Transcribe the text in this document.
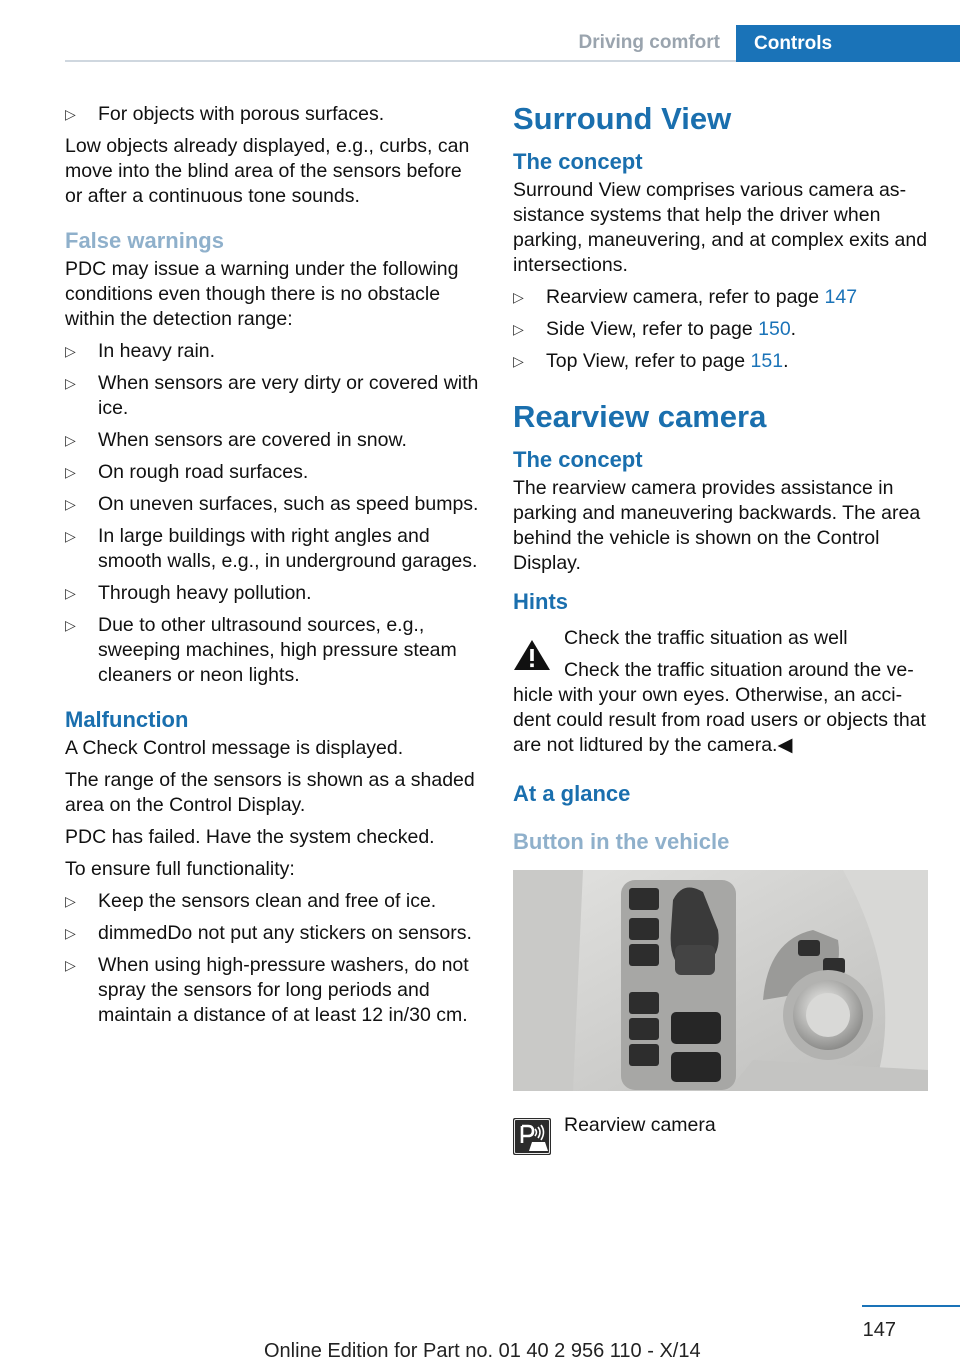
Driving comfort	Controls
▷ For objects with porous surfaces.

Low objects already displayed, e.g., curbs, can move into the blind area of the sensors before or after a continuous tone sounds.

False warnings

PDC may issue a warning under the following conditions even though there is no obstacle within the detection range:

▷ In heavy rain.
▷ When sensors are very dirty or covered with ice.
▷ When sensors are covered in snow.
▷ On rough road surfaces.
▷ On uneven surfaces, such as speed bumps.
▷ In large buildings with right angles and smooth walls, e.g., in underground garages.
▷ Through heavy pollution.
▷ Due to other ultrasound sources, e.g., sweeping machines, high pressure steam cleaners or neon lights.
Malfunction

A Check Control message is displayed.

The range of the sensors is shown as a shaded area on the Control Display.

PDC has failed. Have the system checked.

To ensure full functionality:

▷ Keep the sensors clean and free of ice.
▷ dimmedDo not put any stickers on sensors.
▷ When using high-pressure washers, do not spray the sensors for long periods and maintain a distance of at least 12 in/30 cm.
Surround View
The concept

Surround View comprises various camera assistance systems that help the driver when parking, maneuvering, and at complex exits and intersections.

▷ Rearview camera, refer to page 147
▷ Side View, refer to page 150.
▷ Top View, refer to page 151.
Rearview camera
The concept

The rearview camera provides assistance in parking and maneuvering backwards. The area behind the vehicle is shown on the Control Display.

Hints
Check the traffic situation as well
Check the traffic situation around the vehicle with your own eyes. Otherwise, an accident could result from road users or objects that are not lidtured by the camera.◀
At a glance
Button in the vehicle
Rearview camera
147
Online Edition for Part no. 01 40 2 956 110 - X/14
